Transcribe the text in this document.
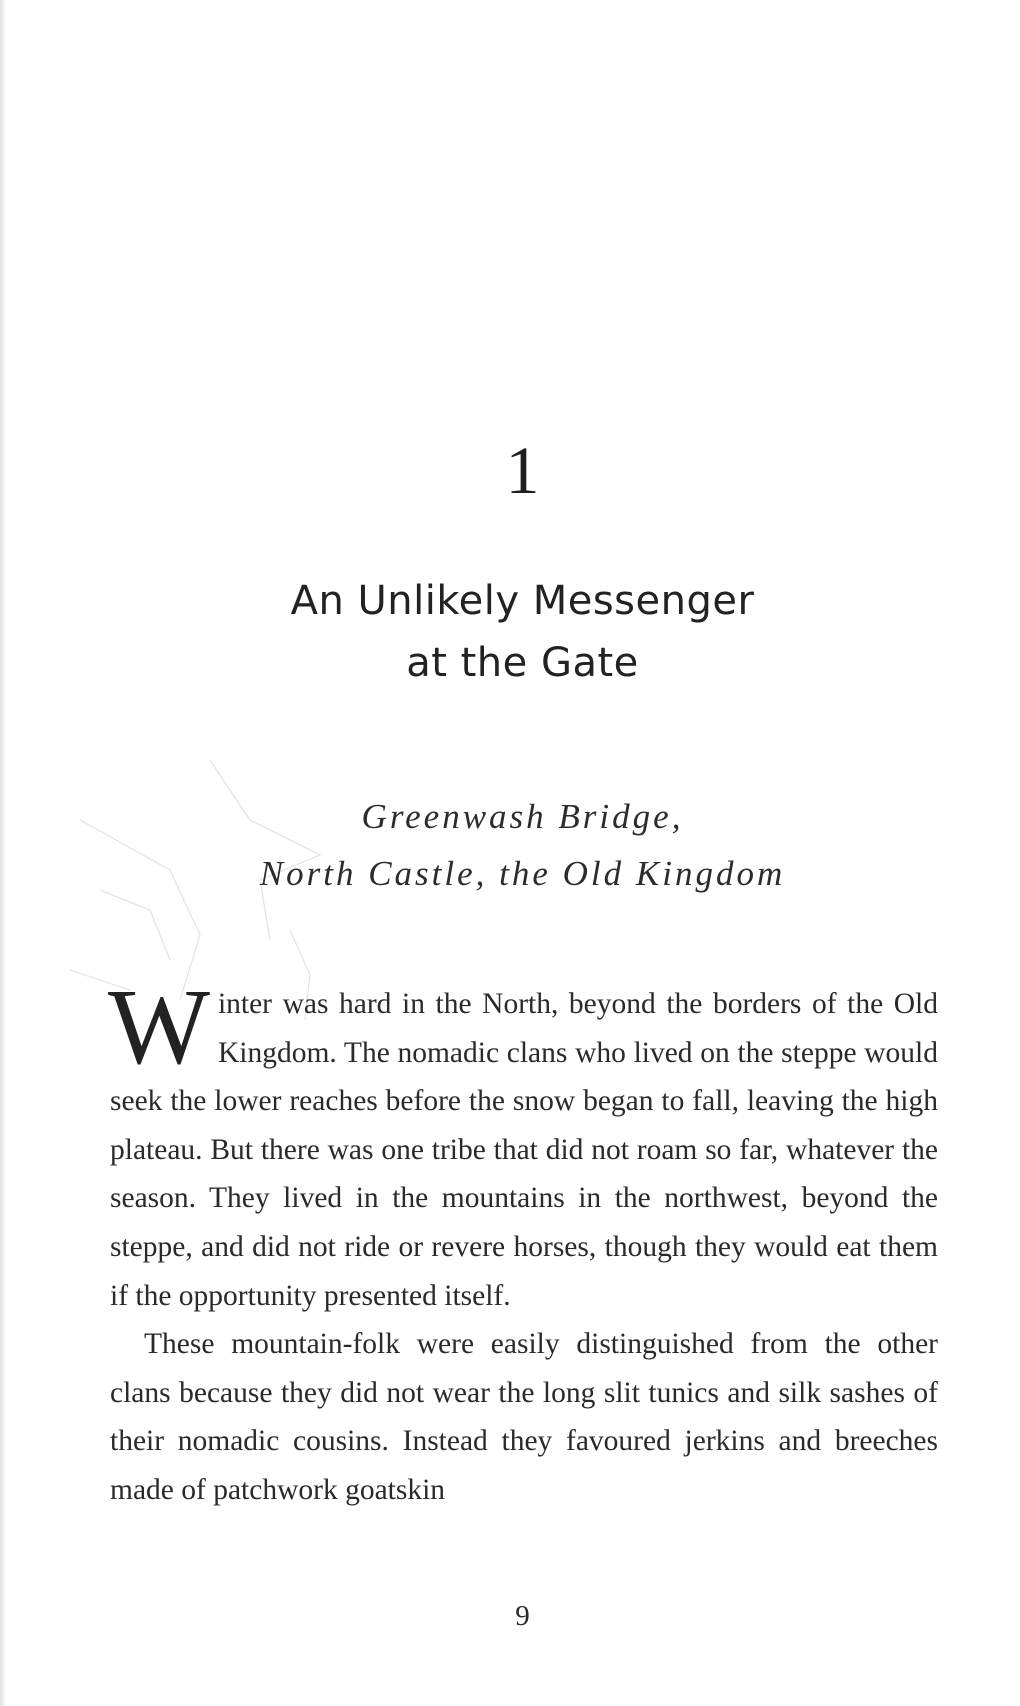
1
An Unlikely Messenger
at the Gate
Greenwash Bridge,
North Castle, the Old Kingdom

Winter was hard in the North, beyond the borders of the Old Kingdom. The nomadic clans who lived on the steppe would seek the lower reaches before the snow began to fall, leaving the high plateau. But there was one tribe that did not roam so far, whatever the season. They lived in the mountains in the northwest, beyond the steppe, and did not ride or revere horses, though they would eat them if the opportunity presented itself.

These mountain-folk were easily distinguished from the other clans because they did not wear the long slit tunics and silk sashes of their nomadic cousins. Instead they favoured jerkins and breeches made of patchwork goatskin

9
